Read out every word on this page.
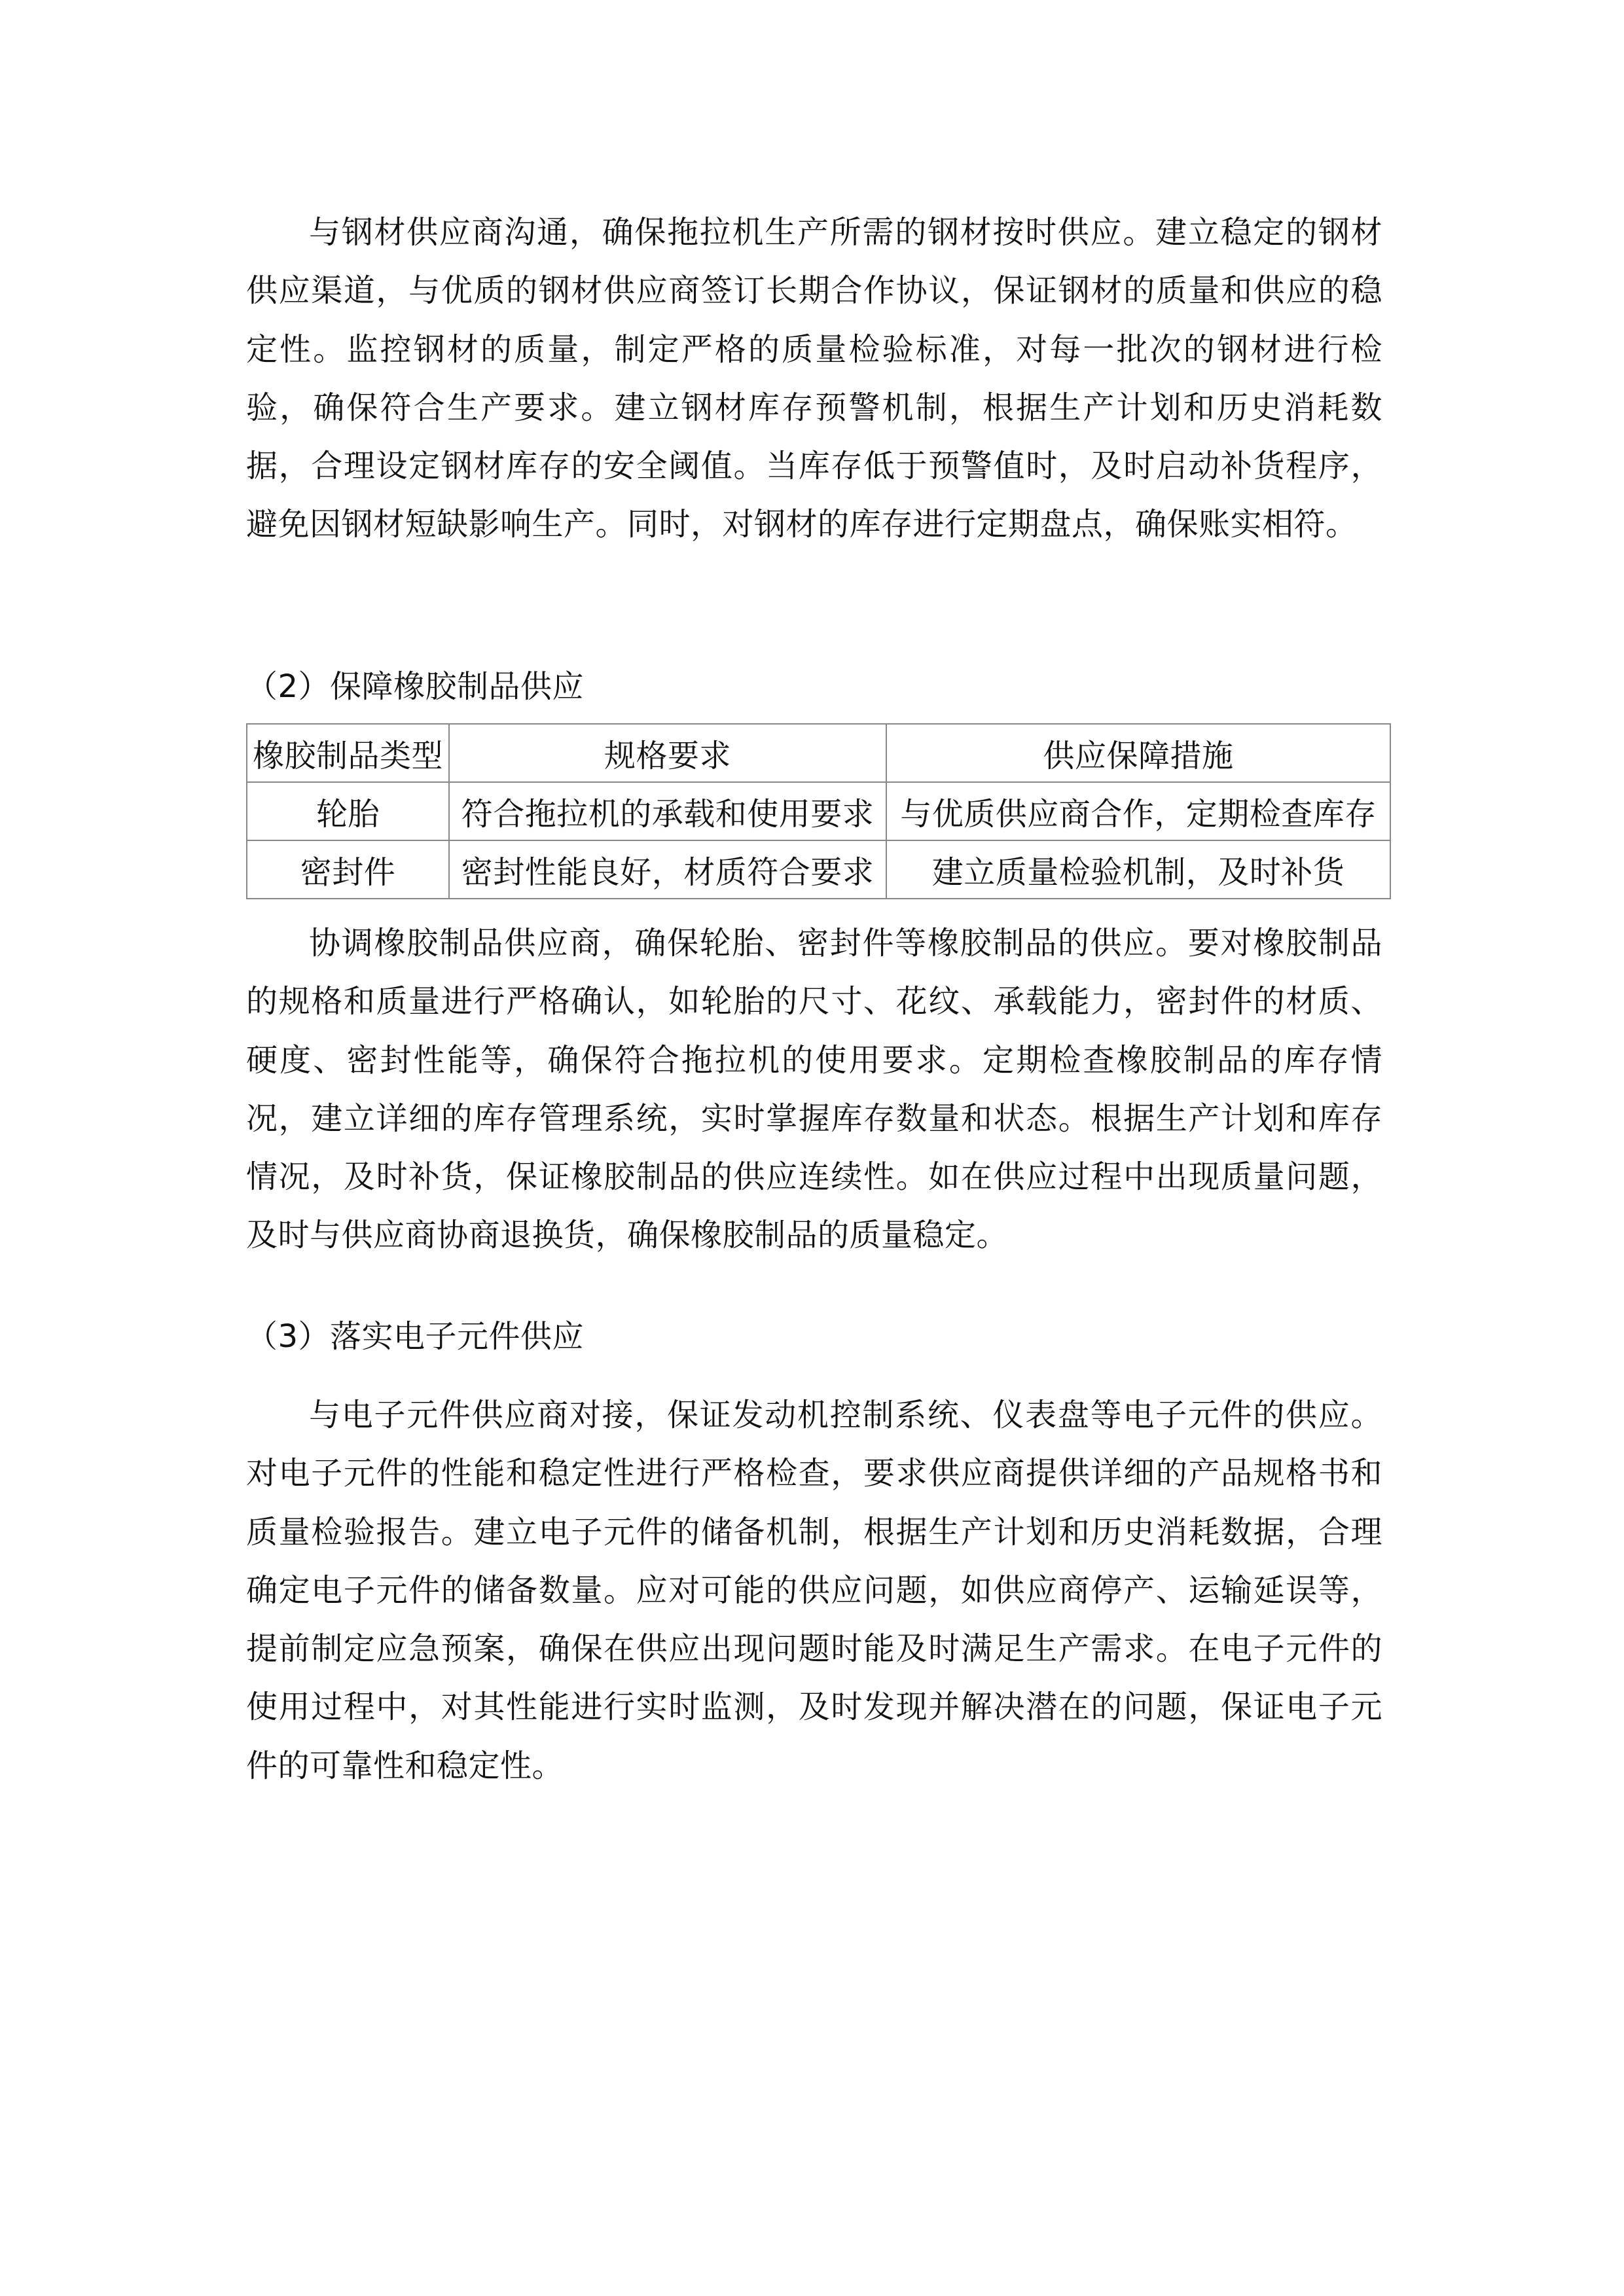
与钢材供应商沟通，确保拖拉机生产所需的钢材按时供应。建立稳定的钢材供应渠道，与优质的钢材供应商签订长期合作协议，保证钢材的质量和供应的稳定性。监控钢材的质量，制定严格的质量检验标准，对每一批次的钢材进行检验，确保符合生产要求。建立钢材库存预警机制，根据生产计划和历史消耗数据，合理设定钢材库存的安全阈值。当库存低于预警值时，及时启动补货程序，避免因钢材短缺影响生产。同时，对钢材的库存进行定期盘点，确保账实相符。

（2）保障橡胶制品供应

橡胶制品类型	规格要求	供应保障措施
轮胎	符合拖拉机的承载和使用要求	与优质供应商合作，定期检查库存
密封件	密封性能良好，材质符合要求	建立质量检验机制，及时补货

协调橡胶制品供应商，确保轮胎、密封件等橡胶制品的供应。要对橡胶制品的规格和质量进行严格确认，如轮胎的尺寸、花纹、承载能力，密封件的材质、硬度、密封性能等，确保符合拖拉机的使用要求。定期检查橡胶制品的库存情况，建立详细的库存管理系统，实时掌握库存数量和状态。根据生产计划和库存情况，及时补货，保证橡胶制品的供应连续性。如在供应过程中出现质量问题，及时与供应商协商退换货，确保橡胶制品的质量稳定。

（3）落实电子元件供应

与电子元件供应商对接，保证发动机控制系统、仪表盘等电子元件的供应。对电子元件的性能和稳定性进行严格检查，要求供应商提供详细的产品规格书和质量检验报告。建立电子元件的储备机制，根据生产计划和历史消耗数据，合理确定电子元件的储备数量。应对可能的供应问题，如供应商停产、运输延误等，提前制定应急预案，确保在供应出现问题时能及时满足生产需求。在电子元件的使用过程中，对其性能进行实时监测，及时发现并解决潜在的问题，保证电子元件的可靠性和稳定性。
